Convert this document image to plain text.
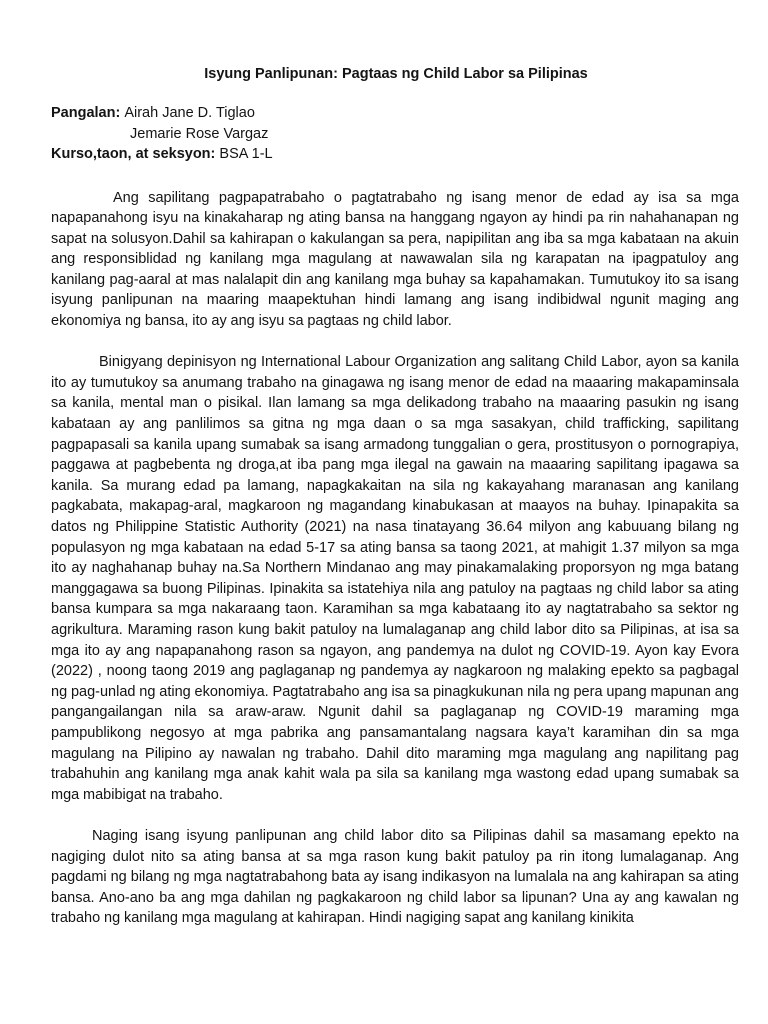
Isyung Panlipunan: Pagtaas ng Child Labor sa Pilipinas
Pangalan: Airah Jane D. Tiglao
Jemarie Rose Vargaz
Kurso,taon, at seksyon: BSA 1-L

Ang sapilitang pagpapatrabaho o pagtatrabaho ng isang menor de edad ay isa sa mga napapanahong isyu na kinakaharap ng ating bansa na hanggang ngayon ay hindi pa rin nahahanapan ng sapat na solusyon.Dahil sa kahirapan o kakulangan sa pera, napipilitan ang iba sa mga kabataan na akuin ang responsiblidad ng kanilang mga magulang at nawawalan sila ng karapatan na ipagpatuloy ang kanilang pag-aaral at mas nalalapit din ang kanilang mga buhay sa kapahamakan. Tumutukoy ito sa isang isyung panlipunan na maaring maapektuhan hindi lamang ang isang indibidwal ngunit maging ang ekonomiya ng bansa, ito ay ang isyu sa pagtaas ng child labor.

Binigyang depinisyon ng International Labour Organization ang salitang Child Labor, ayon sa kanila ito ay tumutukoy sa anumang trabaho na ginagawa ng isang menor de edad na maaaring makapaminsala sa kanila, mental man o pisikal. Ilan lamang sa mga delikadong trabaho na maaaring pasukin ng isang kabataan ay ang panlilimos sa gitna ng mga daan o sa mga sasakyan, child trafficking, sapilitang pagpapasali sa kanila upang sumabak sa isang armadong tunggalian o gera, prostitusyon o pornograpiya, paggawa at pagbebenta ng droga,at iba pang mga ilegal na gawain na maaaring sapilitang ipagawa sa kanila. Sa murang edad pa lamang, napagkakaitan na sila ng kakayahang maranasan ang kanilang pagkabata, makapag-aral, magkaroon ng magandang kinabukasan at maayos na buhay. Ipinapakita sa datos ng Philippine Statistic Authority (2021) na nasa tinatayang 36.64 milyon ang kabuuang bilang ng populasyon ng mga kabataan na edad 5-17 sa ating bansa sa taong 2021, at mahigit 1.37 milyon sa mga ito ay naghahanap buhay na.Sa Northern Mindanao ang may pinakamalaking proporsyon ng mga batang manggagawa sa buong Pilipinas. Ipinakita sa istatehiya nila ang patuloy na pagtaas ng child labor sa ating bansa kumpara sa mga nakaraang taon. Karamihan sa mga kabataang ito ay nagtatrabaho sa sektor ng agrikultura. Maraming rason kung bakit patuloy na lumalaganap ang child labor dito sa Pilipinas, at isa sa mga ito ay ang napapanahong rason sa ngayon, ang pandemya na dulot ng COVID-19. Ayon kay Evora (2022) , noong taong 2019 ang paglaganap ng pandemya ay nagkaroon ng malaking epekto sa pagbagal ng pag-unlad ng ating ekonomiya. Pagtatrabaho ang isa sa pinagkukunan nila ng pera upang mapunan ang pangangailangan nila sa araw-araw. Ngunit dahil sa paglaganap ng COVID-19 maraming mga pampublikong negosyo at mga pabrika ang pansamantalang nagsara kaya’t karamihan din sa mga magulang na Pilipino ay nawalan ng trabaho. Dahil dito maraming mga magulang ang napilitang pag trabahuhin ang kanilang mga anak kahit wala pa sila sa kanilang mga wastong edad upang sumabak sa mga mabibigat na trabaho.

Naging isang isyung panlipunan ang child labor dito sa Pilipinas dahil sa masamang epekto na nagiging dulot nito sa ating bansa at sa mga rason kung bakit patuloy pa rin itong lumalaganap. Ang pagdami ng bilang ng mga nagtatrabahong bata ay isang indikasyon na lumalala na ang kahirapan sa ating bansa. Ano-ano ba ang mga dahilan ng pagkakaroon ng child labor sa lipunan? Una ay ang kawalan ng trabaho ng kanilang mga magulang at kahirapan. Hindi nagiging sapat ang kanilang kinikita
